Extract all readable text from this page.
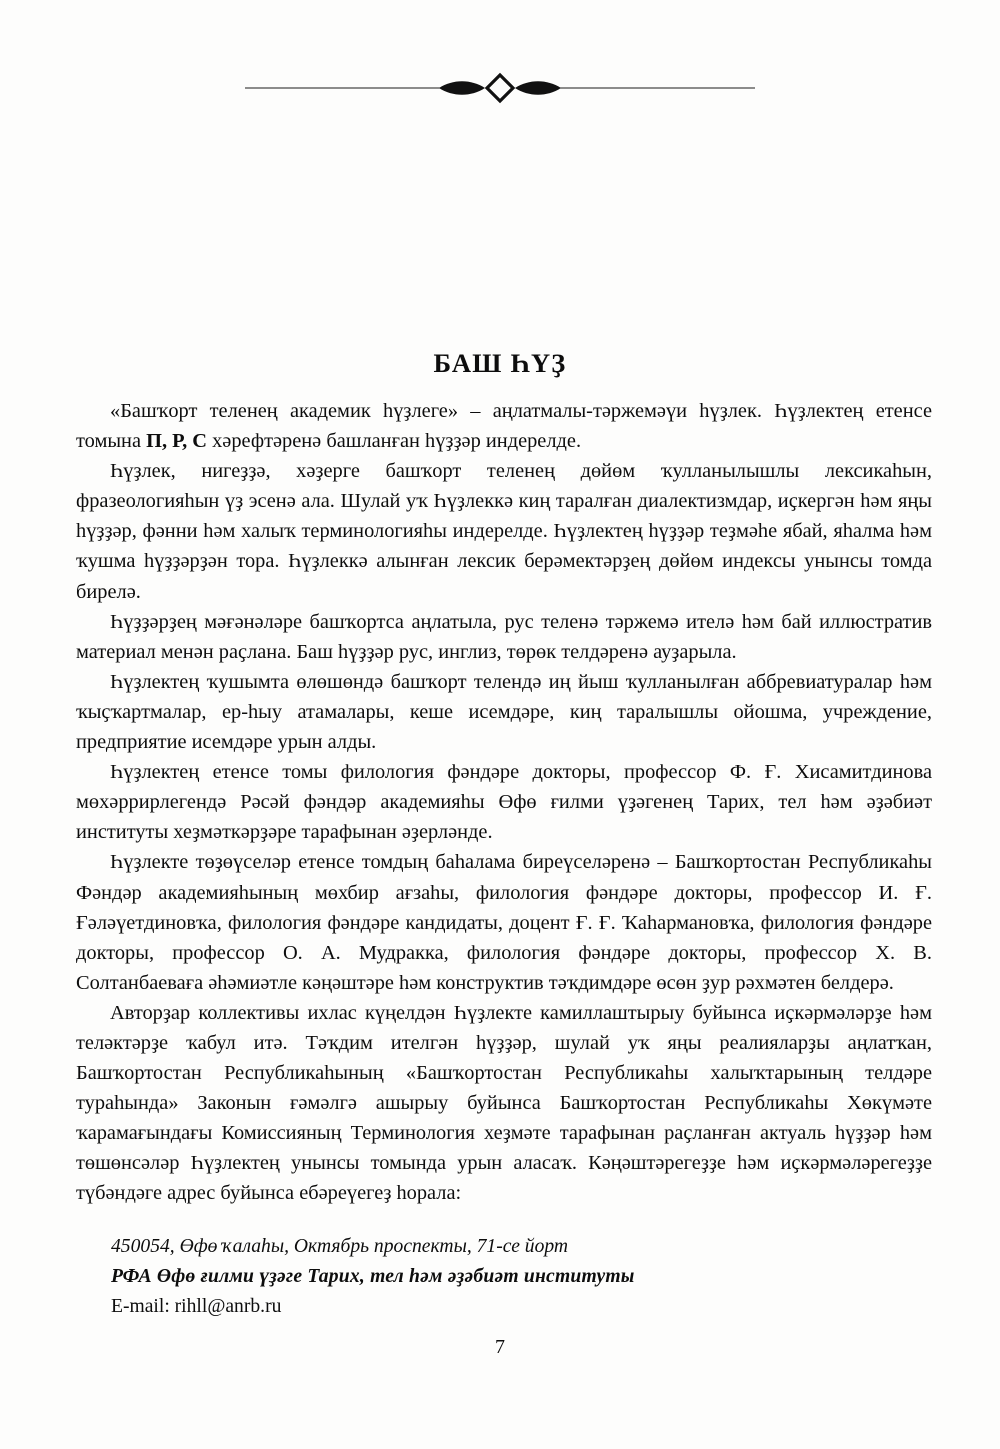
БАШ ҺҮҘ

«Башҡорт теленең академик һүҙлеге» – аңлатмалы-тәржемәүи һүҙлек. Һүҙлектең етенсе томына П, Р, С хәрефтәренә башланған һүҙҙәр индерелде.

Һүҙлек, нигеҙҙә, хәҙерге башҡорт теленең дөйөм ҡулланылышлы лексикаһын, фразеологияһын үҙ эсенә ала. Шулай уҡ Һүҙлеккә киң таралған диалектизмдар, иҫкергән һәм яңы һүҙҙәр, фәнни һәм халыҡ терминологияһы индерелде. Һүҙлектең һүҙҙәр теҙмәһе ябай, яһалма һәм ҡушма һүҙҙәрҙән тора. Һүҙлеккә алынған лексик берәмектәрҙең дөйөм индексы унынсы томда бирелә.

Һүҙҙәрҙең мәғәнәләре башҡортса аңлатыла, рус теленә тәржемә ителә һәм бай иллюстратив материал менән раҫлана. Баш һүҙҙәр рус, инглиз, төрөк телдәренә ауҙарыла.

Һүҙлектең ҡушымта өлөшөндә башҡорт телендә иң йыш ҡулланылған аббревиатуралар һәм ҡыҫҡартмалар, ер-һыу атамалары, кеше исемдәре, киң таралышлы ойошма, учреждение, предприятие исемдәре урын алды.

Һүҙлектең етенсе томы филология фәндәре докторы, профессор Ф. Ғ. Хисамитдинова мөхәррирлегендә Рәсәй фәндәр академияһы Өфө ғилми үҙәгенең Тарих, тел һәм әҙәбиәт институты хеҙмәткәрҙәре тарафынан әҙерләнде.

Һүҙлекте төҙөүселәр етенсе томдың баһалама биреүселәренә – Башҡортостан Республикаһы Фәндәр академияһының мөхбир ағзаһы, филология фәндәре докторы, профессор И. Ғ. Ғәләүетдиновҡа, филология фәндәре кандидаты, доцент Ғ. Ғ. Ҡаһармановҡа, филология фәндәре докторы, профессор О. А. Мудракка, филология фәндәре докторы, профессор Х. В. Солтанбаеваға әһәмиәтле кәңәштәре һәм конструктив тәҡдимдәре өсөн ҙур рәхмәтен белдерә.

Авторҙар коллективы ихлас күңелдән Һүҙлекте камиллаштырыу буйынса иҫкәрмәләрҙе һәм теләктәрҙе ҡабул итә. Тәҡдим ителгән һүҙҙәр, шулай уҡ яңы реалияларҙы аңлатҡан, Башҡортостан Республикаһының «Башҡортостан Республикаһы халыҡтарының телдәре тураһында» Законын ғәмәлгә ашырыу буйынса Башҡортостан Республикаһы Хөкүмәте ҡарамағындағы Комиссияның Терминология хеҙмәте тарафынан раҫланған актуаль һүҙҙәр һәм төшөнсәләр Һүҙлектең унынсы томында урын аласаҡ. Кәңәштәрегеҙҙе һәм иҫкәрмәләрегеҙҙе түбәндәге адрес буйынса ебәреүегеҙ һорала:

450054, Өфө ҡалаһы, Октябрь проспекты, 71-се йорт
РФА Өфө ғилми үҙәге Тарих, тел һәм әҙәбиәт институты
E-mail: rihll@anrb.ru
7
